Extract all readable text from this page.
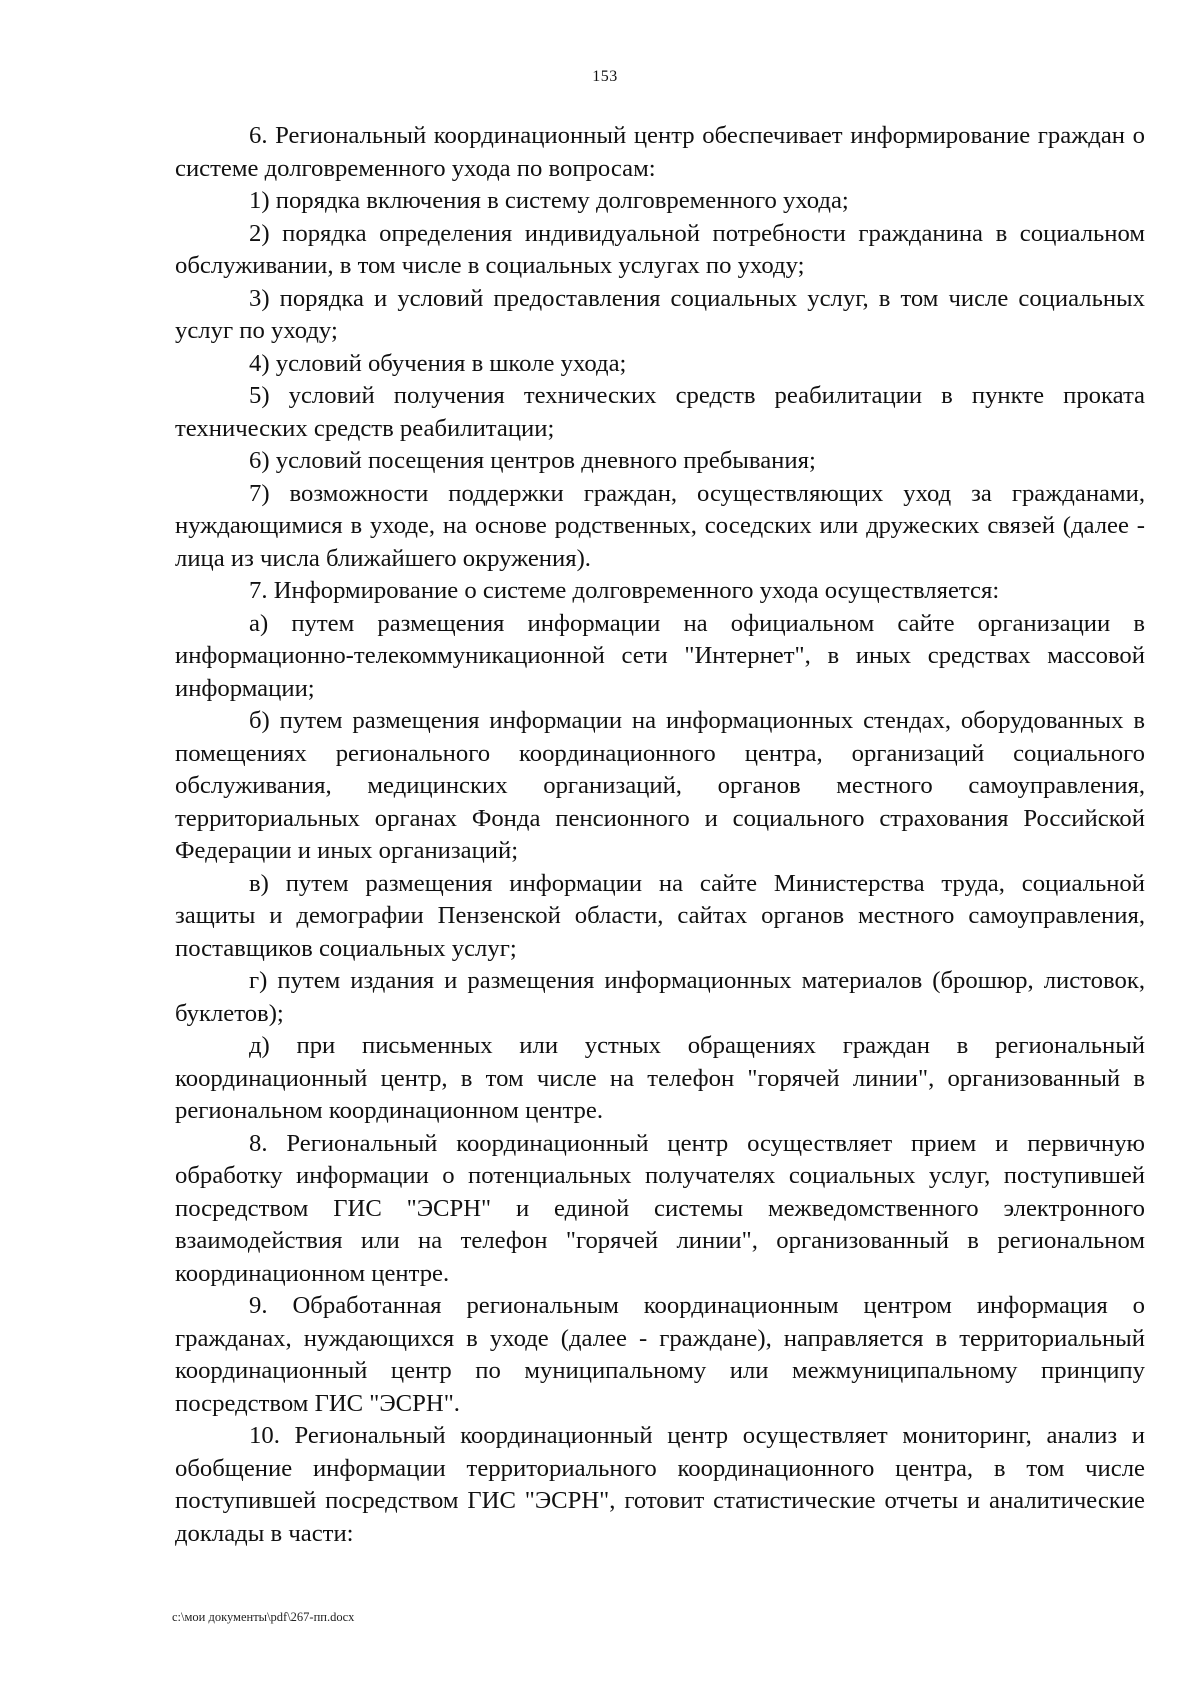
153

6. Региональный координационный центр обеспечивает информирование граждан о системе долговременного ухода по вопросам:

1) порядка включения в систему долговременного ухода;

2) порядка определения индивидуальной потребности гражданина в социальном обслуживании, в том числе в социальных услугах по уходу;

3) порядка и условий предоставления социальных услуг, в том числе социальных услуг по уходу;

4) условий обучения в школе ухода;

5) условий получения технических средств реабилитации в пункте проката технических средств реабилитации;

6) условий посещения центров дневного пребывания;

7) возможности поддержки граждан, осуществляющих уход за гражданами, нуждающимися в уходе, на основе родственных, соседских или дружеских связей (далее - лица из числа ближайшего окружения).

7. Информирование о системе долговременного ухода осуществляется:

а) путем размещения информации на официальном сайте организации в информационно-телекоммуникационной сети "Интернет", в иных средствах массовой информации;

б) путем размещения информации на информационных стендах, оборудованных в помещениях регионального координационного центра, организаций социального обслуживания, медицинских организаций, органов местного самоуправления, территориальных органах Фонда пенсионного и социального страхования Российской Федерации и иных организаций;

в) путем размещения информации на сайте Министерства труда, социальной защиты и демографии Пензенской области, сайтах органов местного самоуправления, поставщиков социальных услуг;

г) путем издания и размещения информационных материалов (брошюр, листовок, буклетов);

д) при письменных или устных обращениях граждан в региональный координационный центр, в том числе на телефон "горячей линии", организованный в региональном координационном центре.

8. Региональный координационный центр осуществляет прием и первичную обработку информации о потенциальных получателях социальных услуг, поступившей посредством ГИС "ЭСРН" и единой системы межведомственного электронного взаимодействия или на телефон "горячей линии", организованный в региональном координационном центре.

9. Обработанная региональным координационным центром информация о гражданах, нуждающихся в уходе (далее - граждане), направляется в территориальный координационный центр по муниципальному или межмуниципальному принципу посредством ГИС "ЭСРН".

10. Региональный координационный центр осуществляет мониторинг, анализ и обобщение информации территориального координационного центра, в том числе поступившей посредством ГИС "ЭСРН", готовит статистические отчеты и аналитические доклады в части:

c:\мои документы\pdf\267-пп.docx
